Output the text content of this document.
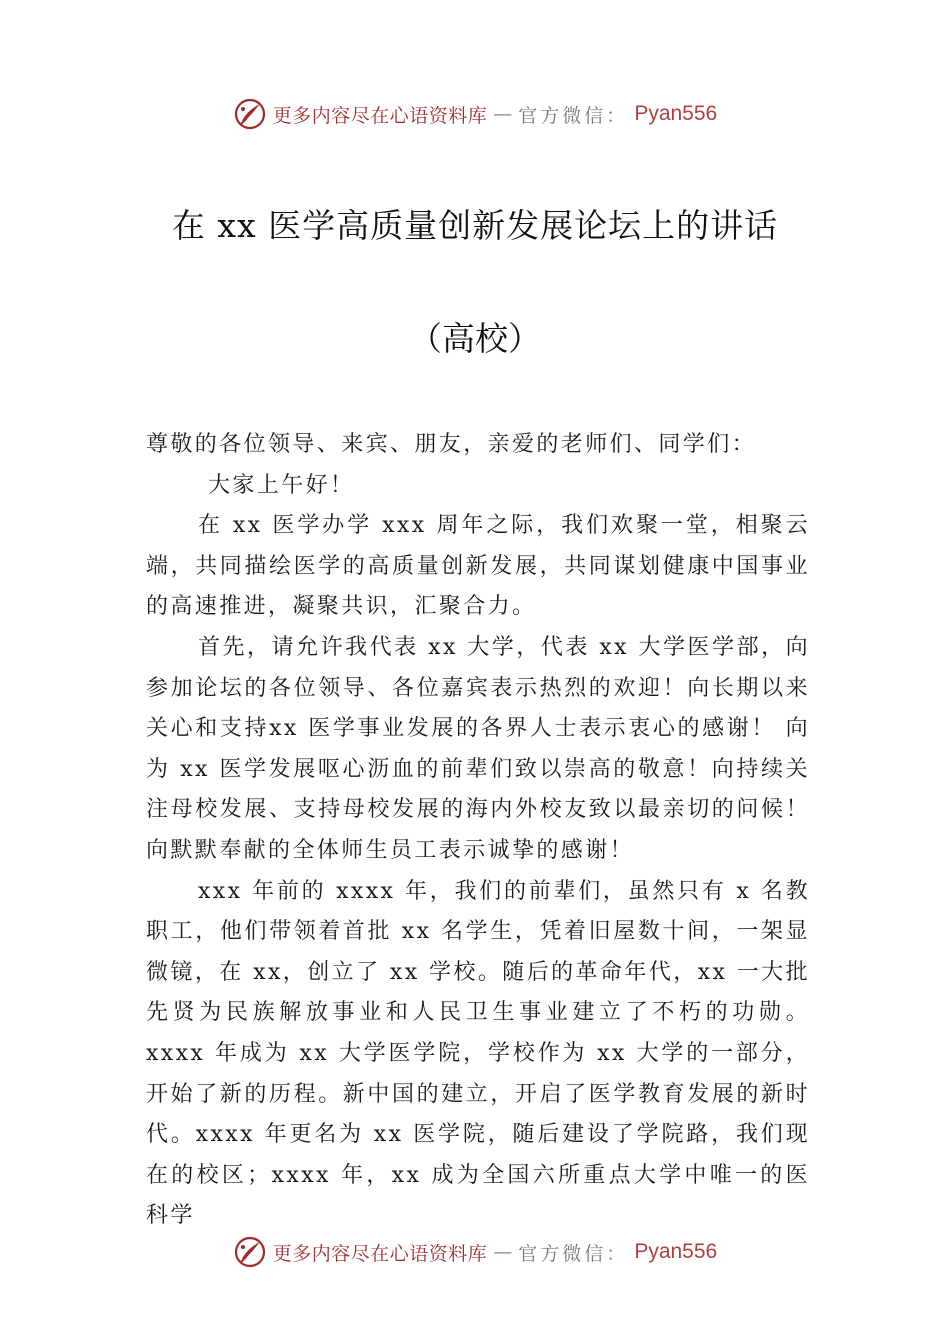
更多内容尽在心语资料库 — 官方微信： Pyan556
在 xx 医学高质量创新发展论坛上的讲话
（高校）

尊敬的各位领导、来宾、朋友，亲爱的老师们、同学们：

大家上午好！

在 xx 医学办学 xxx 周年之际，我们欢聚一堂，相聚云端，共同描绘医学的高质量创新发展，共同谋划健康中国事业的高速推进，凝聚共识，汇聚合力。

首先，请允许我代表 xx 大学，代表 xx 大学医学部，向参加论坛的各位领导、各位嘉宾表示热烈的欢迎！向长期以来关心和支持xx 医学事业发展的各界人士表示衷心的感谢！ 向为 xx 医学发展呕心沥血的前辈们致以崇高的敬意！向持续关注母校发展、支持母校发展的海内外校友致以最亲切的问候！向默默奉献的全体师生员工表示诚挚的感谢！

xxx 年前的 xxxx 年，我们的前辈们，虽然只有 x 名教职工，他们带领着首批 xx 名学生，凭着旧屋数十间，一架显微镜，在 xx，创立了 xx 学校。随后的革命年代，xx 一大批先贤为民族解放事业和人民卫生事业建立了不朽的功勋。xxxx 年成为 xx 大学医学院，学校作为 xx 大学的一部分，开始了新的历程。新中国的建立，开启了医学教育发展的新时代。xxxx 年更名为 xx 医学院，随后建设了学院路，我们现在的校区；xxxx 年，xx 成为全国六所重点大学中唯一的医科学

更多内容尽在心语资料库 — 官方微信： Pyan556
